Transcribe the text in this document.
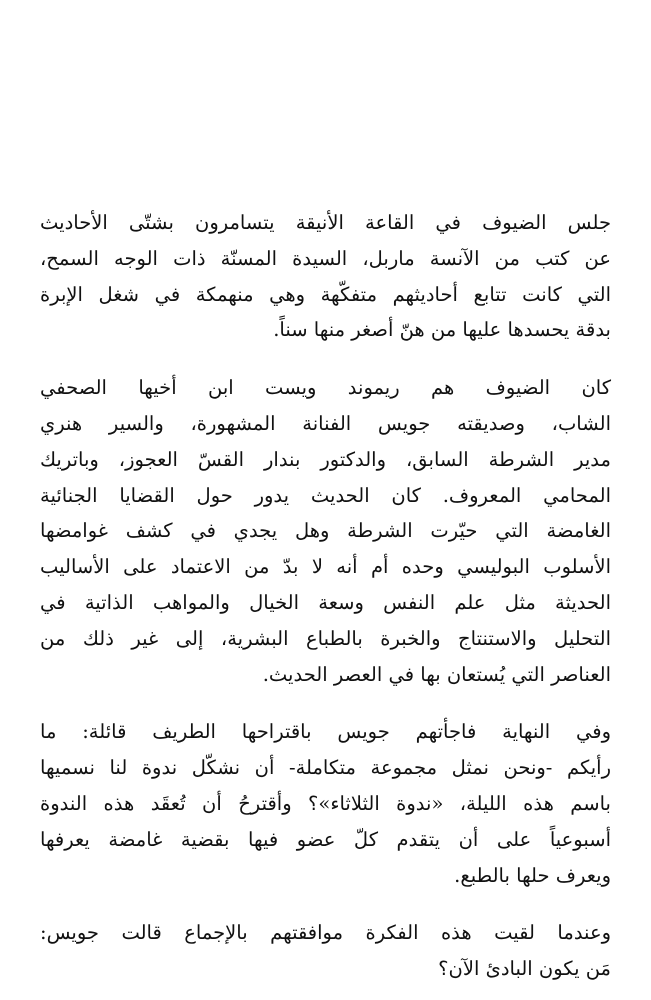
جلس الضيوف في القاعة الأنيقة يتسامرون بشتّى الأحاديث
عن كتب من الآنسة ماربل، السيدة المسنّة ذات الوجه السمح،
التي كانت تتابع أحاديثهم متفكّهة وهي منهمكة في شغل الإبرة
بدقة يحسدها عليها من هنّ أصغر منها سناً.

كان الضيوف هم ريموند ويست ابن أخيها الصحفي
الشاب، وصديقته جويس الفنانة المشهورة، والسير هنري
مدير الشرطة السابق، والدكتور بندار القسّ العجوز، وباتريك
المحامي المعروف. كان الحديث يدور حول القضايا الجنائية
الغامضة التي حيّرت الشرطة وهل يجدي في كشف غوامضها
الأسلوب البوليسي وحده أم أنه لا بدّ من الاعتماد على الأساليب
الحديثة مثل علم النفس وسعة الخيال والمواهب الذاتية في
التحليل والاستنتاج والخبرة بالطباع البشرية، إلى غير ذلك من
العناصر التي يُستعان بها في العصر الحديث.

وفي النهاية فاجأتهم جويس باقتراحها الطريف قائلة: ما
رأيكم -ونحن نمثل مجموعة متكاملة- أن نشكّل ندوة لنا نسميها
باسم هذه الليلة، «ندوة الثلاثاء»؟ وأقترحُ أن تُعقَد هذه الندوة
أسبوعياً على أن يتقدم كلّ عضو فيها بقضية غامضة يعرفها
ويعرف حلها بالطبع.

وعندما لقيت هذه الفكرة موافقتهم بالإجماع قالت جويس:
مَن يكون البادئ الآن؟
